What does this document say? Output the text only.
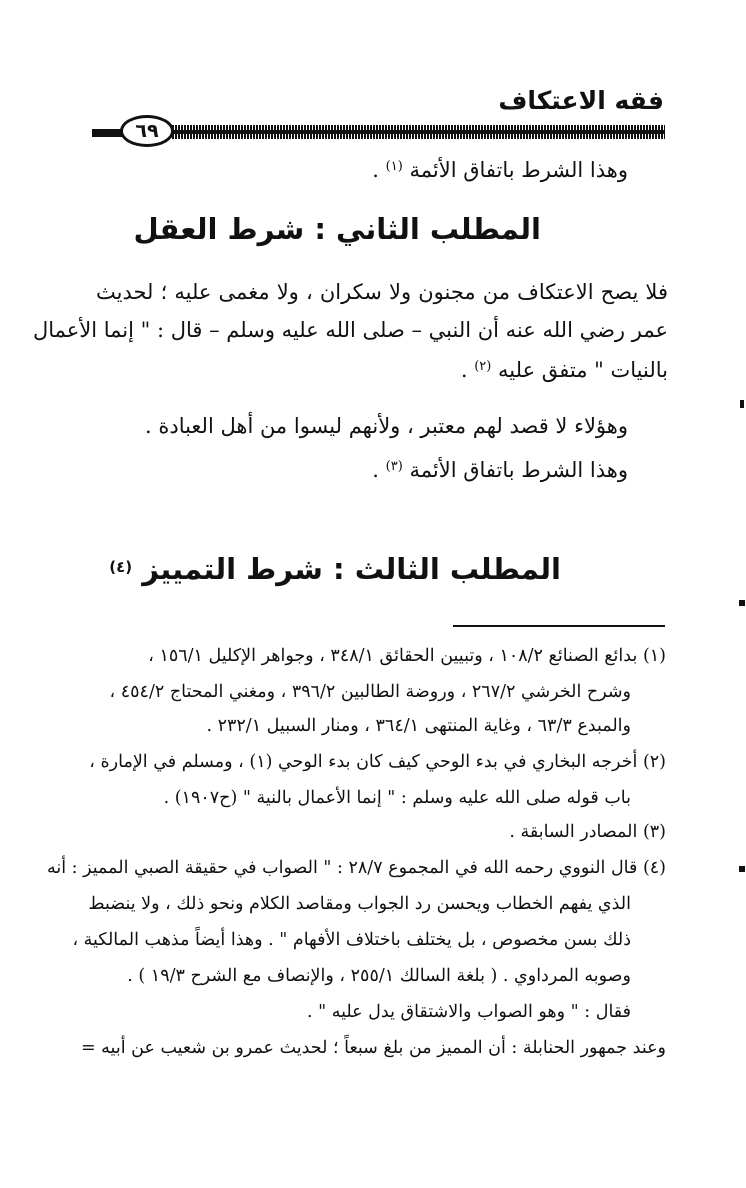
فقه الاعتكاف
٦٩
وهذا الشرط باتفاق الأئمة $^{(١)}$ .
المطلب الثاني : شرط العقل
فلا يصح الاعتكاف من مجنون ولا سكران ، ولا مغمى عليه ؛ لحديث
عمر رضي الله عنه أن النبي – صلى الله عليه وسلم – قال : " إنما الأعمال
بالنيات " متفق عليه $^{(٢)}$ .
وهؤلاء لا قصد لهم معتبر ، ولأنهم ليسوا من أهل العبادة .
وهذا الشرط باتفاق الأئمة $^{(٣)}$ .
المطلب الثالث : شرط التمييز $^{(٤)}$
(١) بدائع الصنائع ١٠٨/٢ ، وتبيين الحقائق ٣٤٨/١ ، وجواهر الإكليل ١٥٦/١ ،
وشرح الخرشي ٢٦٧/٢ ، وروضة الطالبين ٣٩٦/٢ ، ومغني المحتاج ٤٥٤/٢ ،
والمبدع ٦٣/٣ ، وغاية المنتهى ٣٦٤/١ ، ومنار السبيل ٢٣٢/١ .
(٢) أخرجه البخاري في بدء الوحي كيف كان بدء الوحي (١) ، ومسلم في الإمارة ،
باب قوله صلى الله عليه وسلم : " إنما الأعمال بالنية " (ح١٩٠٧) .
(٣) المصادر السابقة .
(٤) قال النووي رحمه الله في المجموع ٢٨/٧ : " الصواب في حقيقة الصبي المميز : أنه
الذي يفهم الخطاب ويحسن رد الجواب ومقاصد الكلام ونحو ذلك ، ولا ينضبط
ذلك بسن مخصوص ، بل يختلف باختلاف الأفهام " . وهذا أيضاً مذهب المالكية ،
وصوبه المرداوي . ( بلغة السالك ٢٥٥/١ ، والإنصاف مع الشرح ١٩/٣ ) .
فقال : " وهو الصواب والاشتقاق يدل عليه " .
وعند جمهور الحنابلة : أن المميز من بلغ سبعاً ؛ لحديث عمرو بن شعيب عن أبيه =
